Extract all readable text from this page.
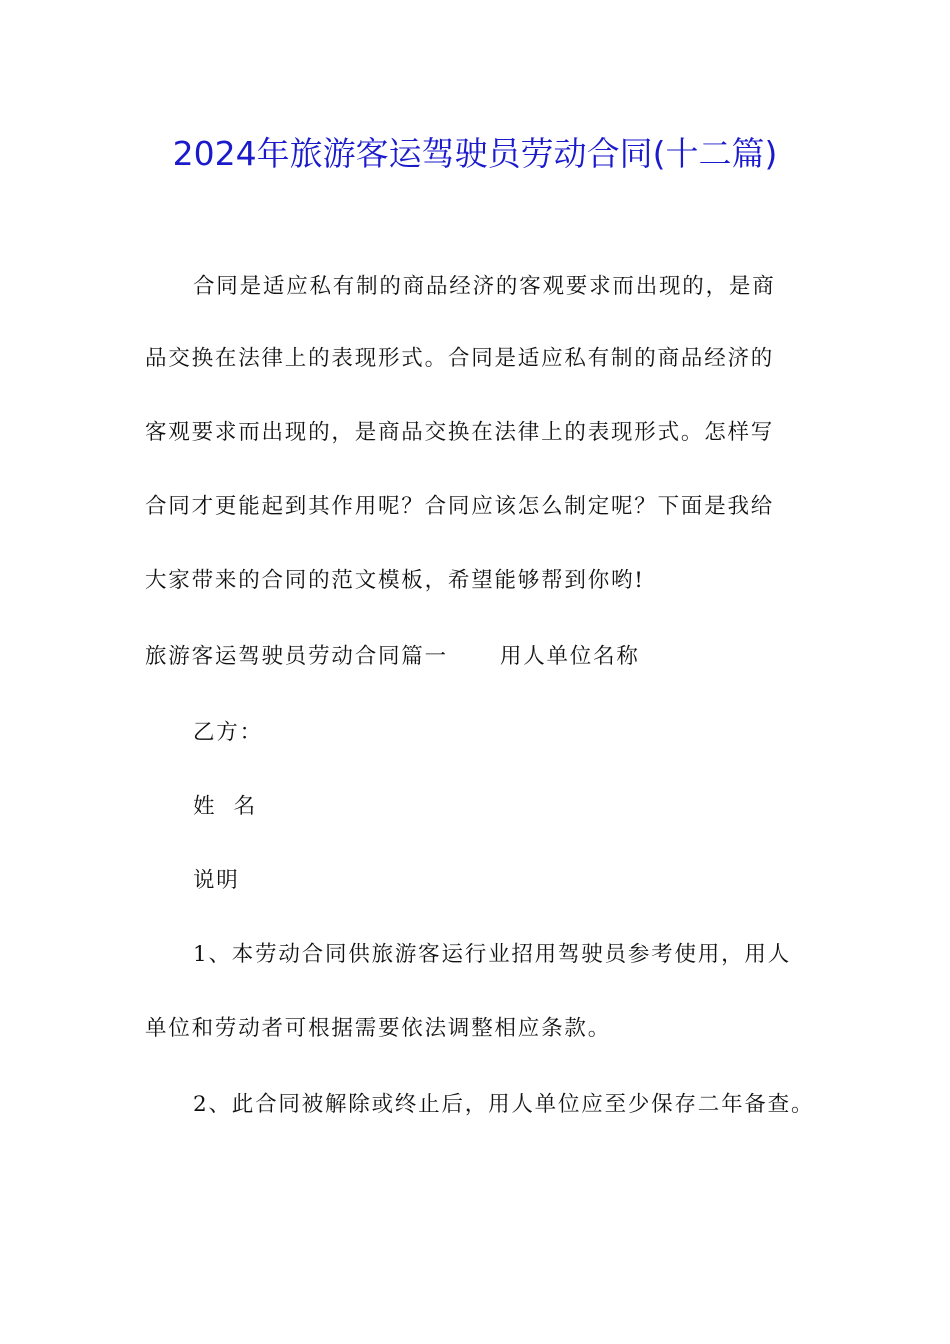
2024年旅游客运驾驶员劳动合同(十二篇)
合同是适应私有制的商品经济的客观要求而出现的，是商
品交换在法律上的表现形式。合同是适应私有制的商品经济的
客观要求而出现的，是商品交换在法律上的表现形式。怎样写
合同才更能起到其作用呢？合同应该怎么制定呢？下面是我给
大家带来的合同的范文模板，希望能够帮到你哟!
旅游客运驾驶员劳动合同篇一 用人单位名称
乙方：
姓  名
说明
1、本劳动合同供旅游客运行业招用驾驶员参考使用，用人
单位和劳动者可根据需要依法调整相应条款。
2、此合同被解除或终止后，用人单位应至少保存二年备查。
